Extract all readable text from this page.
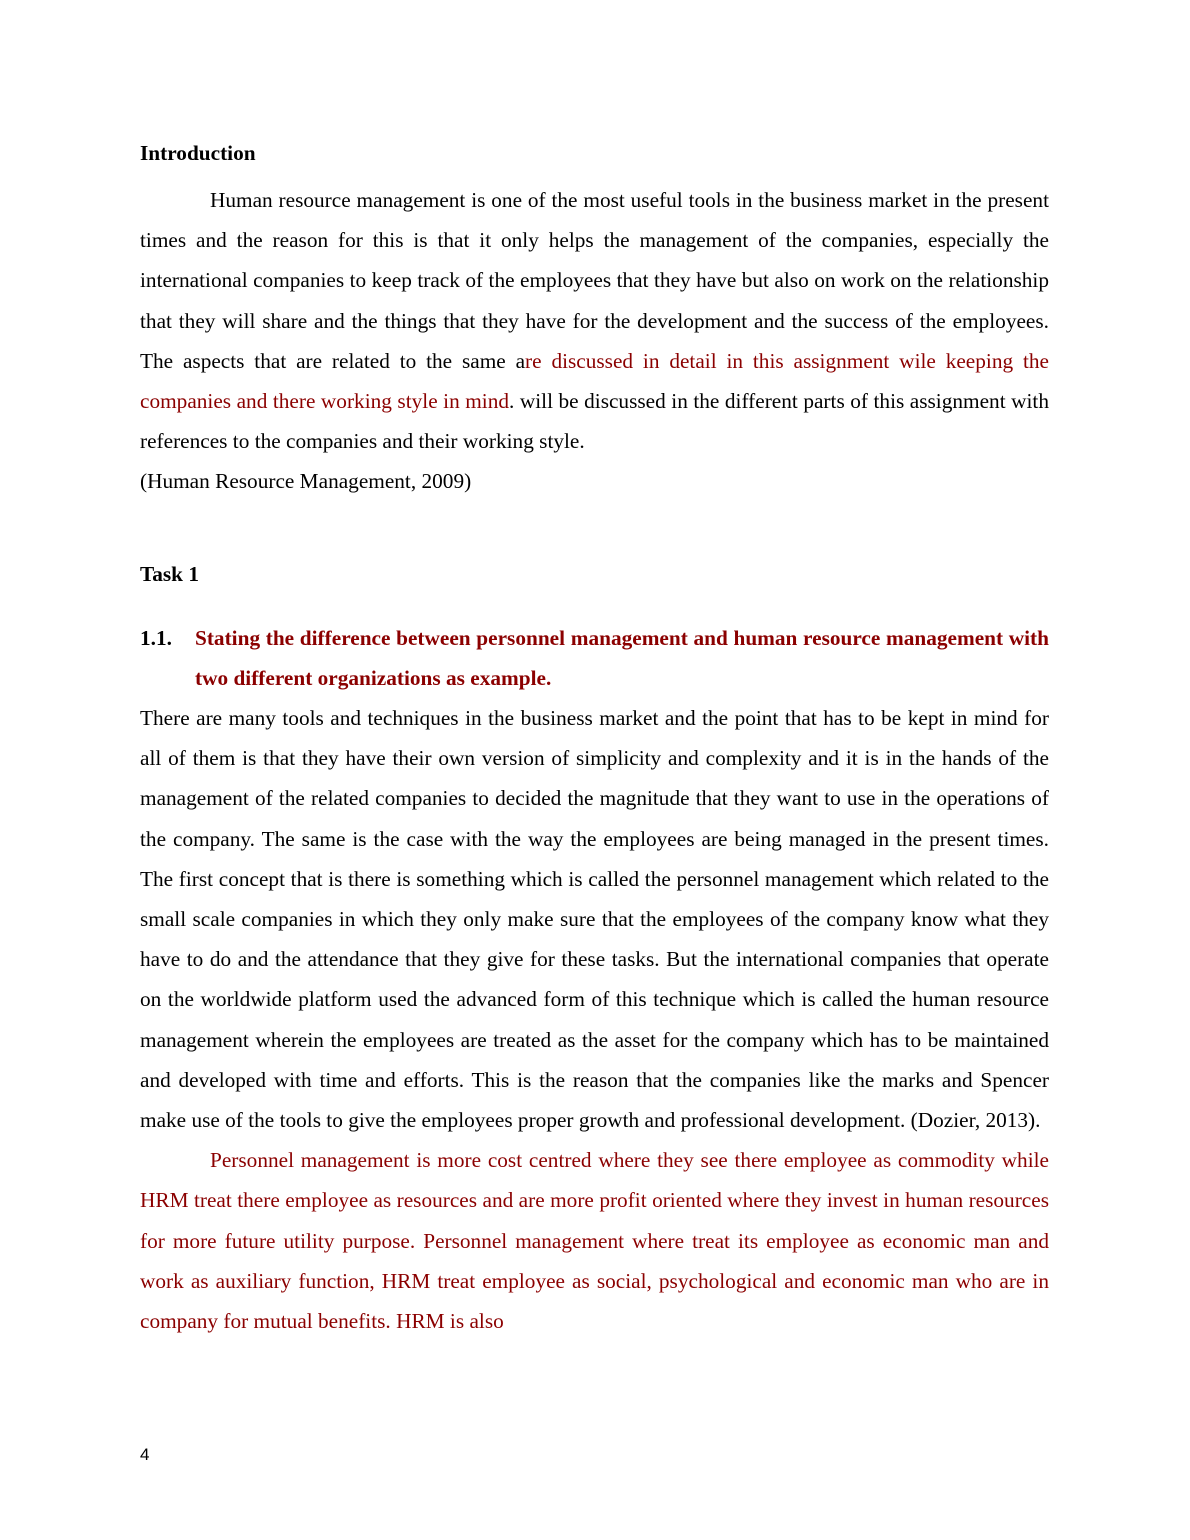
Introduction

Human resource management is one of the most useful tools in the business market in the present times and the reason for this is that it only helps the management of the companies, especially the international companies to keep track of the employees that they have but also on work on the relationship that they will share and the things that they have for the development and the success of the employees. The aspects that are related to the same are discussed in detail in this assignment wile keeping the companies and there working style in mind. will be discussed in the different parts of this assignment with references to the companies and their working style.

(Human Resource Management, 2009)

Task 1
1.1.	Stating the difference between personnel management and human resource management with two different organizations as example.

There are many tools and techniques in the business market and the point that has to be kept in mind for all of them is that they have their own version of simplicity and complexity and it is in the hands of the management of the related companies to decided the magnitude that they want to use in the operations of the company. The same is the case with the way the employees are being managed in the present times. The first concept that is there is something which is called the personnel management which related to the small scale companies in which they only make sure that the employees of the company know what they have to do and the attendance that they give for these tasks. But the international companies that operate on the worldwide platform used the advanced form of this technique which is called the human resource management wherein the employees are treated as the asset for the company which has to be maintained and developed with time and efforts. This is the reason that the companies like the marks and Spencer make use of the tools to give the employees proper growth and professional development. (Dozier, 2013).

Personnel management is more cost centred where they see there employee as commodity while HRM treat there employee as resources and are more profit oriented where they invest in human resources for more future utility purpose. Personnel management where treat its employee as economic man and work as auxiliary function, HRM treat employee as social, psychological and economic man who are in company for mutual benefits. HRM is also

4
